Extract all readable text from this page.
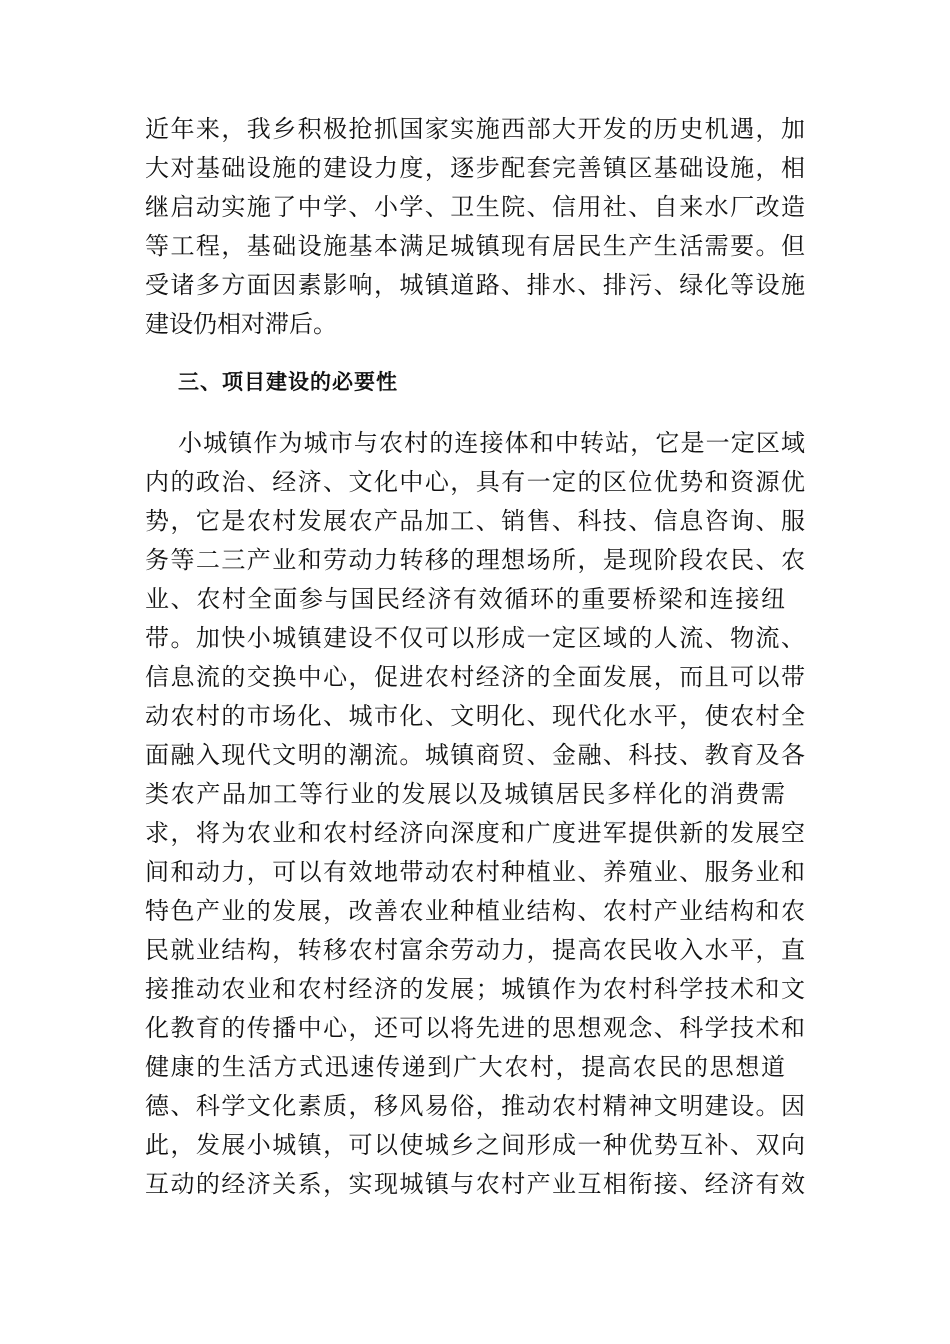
近年来，我乡积极抢抓国家实施西部大开发的历史机遇，加
大对基础设施的建设力度，逐步配套完善镇区基础设施，相
继启动实施了中学、小学、卫生院、信用社、自来水厂改造
等工程，基础设施基本满足城镇现有居民生产生活需要。但
受诸多方面因素影响，城镇道路、排水、排污、绿化等设施
建设仍相对滞后。
三、项目建设的必要性
小城镇作为城市与农村的连接体和中转站，它是一定区域
内的政治、经济、文化中心，具有一定的区位优势和资源优
势，它是农村发展农产品加工、销售、科技、信息咨询、服
务等二三产业和劳动力转移的理想场所，是现阶段农民、农
业、农村全面参与国民经济有效循环的重要桥梁和连接纽
带。加快小城镇建设不仅可以形成一定区域的人流、物流、
信息流的交换中心，促进农村经济的全面发展，而且可以带
动农村的市场化、城市化、文明化、现代化水平，使农村全
面融入现代文明的潮流。城镇商贸、金融、科技、教育及各
类农产品加工等行业的发展以及城镇居民多样化的消费需
求，将为农业和农村经济向深度和广度进军提供新的发展空
间和动力，可以有效地带动农村种植业、养殖业、服务业和
特色产业的发展，改善农业种植业结构、农村产业结构和农
民就业结构，转移农村富余劳动力，提高农民收入水平，直
接推动农业和农村经济的发展；城镇作为农村科学技术和文
化教育的传播中心，还可以将先进的思想观念、科学技术和
健康的生活方式迅速传递到广大农村，提高农民的思想道
德、科学文化素质，移风易俗，推动农村精神文明建设。因
此，发展小城镇，可以使城乡之间形成一种优势互补、双向
互动的经济关系，实现城镇与农村产业互相衔接、经济有效
